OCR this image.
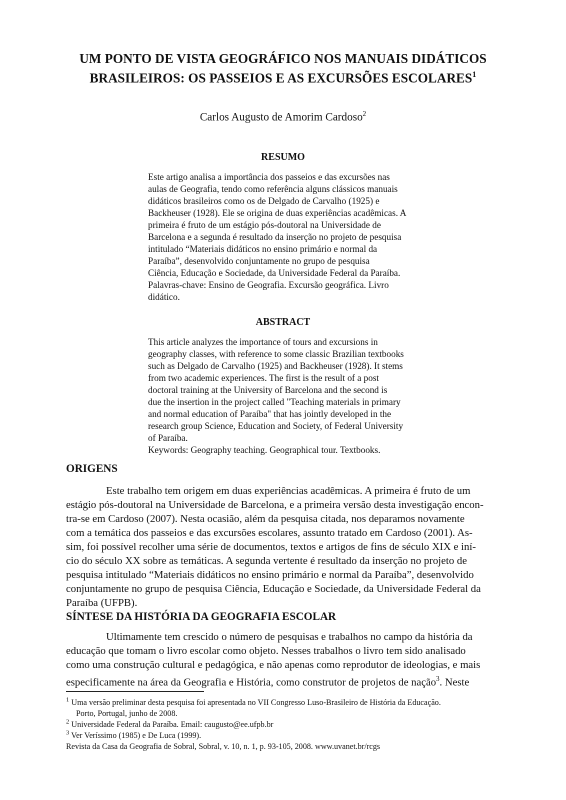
UM PONTO DE VISTA GEOGRÁFICO NOS MANUAIS DIDÁTICOS
BRASILEIROS: OS PASSEIOS E AS EXCURSÕES ESCOLARES$^1$
Carlos Augusto de Amorim Cardoso$^2$
RESUMO

Este artigo analisa a importância dos passeios e das excursões nas

aulas de Geografia, tendo como referência alguns clássicos manuais

didáticos brasileiros como os de Delgado de Carvalho (1925) e

Backheuser (1928). Ele se origina de duas experiências acadêmicas. A

primeira é fruto de um estágio pós-doutoral na Universidade de

Barcelona e a segunda é resultado da inserção no projeto de pesquisa

intitulado “Materiais didáticos no ensino primário e normal da

Paraíba”, desenvolvido conjuntamente no grupo de pesquisa

Ciência, Educação e Sociedade, da Universidade Federal da Paraíba.

Palavras-chave: Ensino de Geografia. Excursão geográfica. Livro

didático.

ABSTRACT

This article analyzes the importance of tours and excursions in

geography classes, with reference to some classic Brazilian textbooks

such as Delgado de Carvalho (1925) and Backheuser (1928). It stems

from two academic experiences. The first is the result of a post

doctoral training at the University of Barcelona and the second is

due the insertion in the project called "Teaching materials in primary

and normal education of Paraíba" that has jointly developed in the

research group Science, Education and Society, of Federal University

of Paraíba.

Keywords: Geography teaching. Geographical tour. Textbooks.

ORIGENS

Este trabalho tem origem em duas experiências acadêmicas. A primeira é fruto de um

estágio pós-doutoral na Universidade de Barcelona, e a primeira versão desta investigação encon-

tra-se em Cardoso (2007). Nesta ocasião, além da pesquisa citada, nos deparamos novamente

com a temática dos passeios e das excursões escolares, assunto tratado em Cardoso (2001). As-

sim, foi possível recolher uma série de documentos, textos e artigos de fins de século XIX e iní-

cio do século XX sobre as temáticas. A segunda vertente é resultado da inserção no projeto de

pesquisa intitulado “Materiais didáticos no ensino primário e normal da Paraíba”, desenvolvido

conjuntamente no grupo de pesquisa Ciência, Educação e Sociedade, da Universidade Federal da

Paraíba (UFPB).

SÍNTESE DA HISTÓRIA DA GEOGRAFIA ESCOLAR

Ultimamente tem crescido o número de pesquisas e trabalhos no campo da história da

educação que tomam o livro escolar como objeto. Nesses trabalhos o livro tem sido analisado

como uma construção cultural e pedagógica, e não apenas como reprodutor de ideologias, e mais

especificamente na área da Geografia e História, como construtor de projetos de nação$^3$. Neste

$^1$ Uma versão preliminar desta pesquisa foi apresentada no VII Congresso Luso-Brasileiro de História da Educação.

Porto, Portugal, junho de 2008.

$^2$ Universidade Federal da Paraíba. Email: caugusto@ee.ufpb.br

$^3$ Ver Veríssimo (1985) e De Luca (1999).

Revista da Casa da Geografia de Sobral, Sobral, v. 10, n. 1, p. 93-105, 2008. www.uvanet.br/rcgs
